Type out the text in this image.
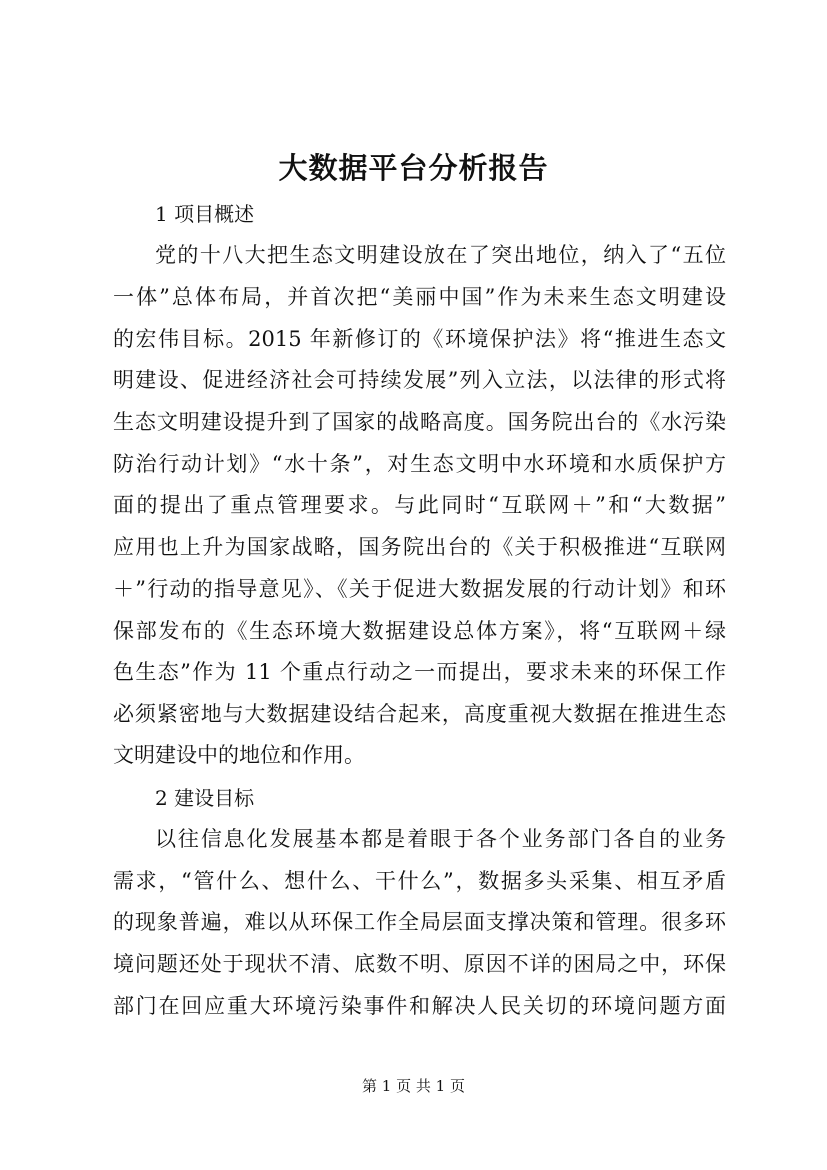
大数据平台分析报告

1 项目概述

党的十八大把生态文明建设放在了突出地位，纳入了“五位

一体”总体布局，并首次把“美丽中国”作为未来生态文明建设

的宏伟目标。2015 年新修订的《环境保护法》将“推进生态文

明建设、促进经济社会可持续发展”列入立法，以法律的形式将

生态文明建设提升到了国家的战略高度。国务院出台的《水污染

防治行动计划》“水十条”，对生态文明中水环境和水质保护方

面的提出了重点管理要求。与此同时“互联网＋”和“大数据”

应用也上升为国家战略，国务院出台的《关于积极推进“互联网

＋”行动的指导意见》、《关于促进大数据发展的行动计划》和环

保部发布的《生态环境大数据建设总体方案》，将“互联网＋绿

色生态”作为 11 个重点行动之一而提出，要求未来的环保工作

必须紧密地与大数据建设结合起来，高度重视大数据在推进生态

文明建设中的地位和作用。

2 建设目标

以往信息化发展基本都是着眼于各个业务部门各自的业务

需求，“管什么、想什么、干什么”，数据多头采集、相互矛盾

的现象普遍，难以从环保工作全局层面支撑决策和管理。很多环

境问题还处于现状不清、底数不明、原因不详的困局之中，环保

部门在回应重大环境污染事件和解决人民关切的环境问题方面

第 1 页 共 1 页
